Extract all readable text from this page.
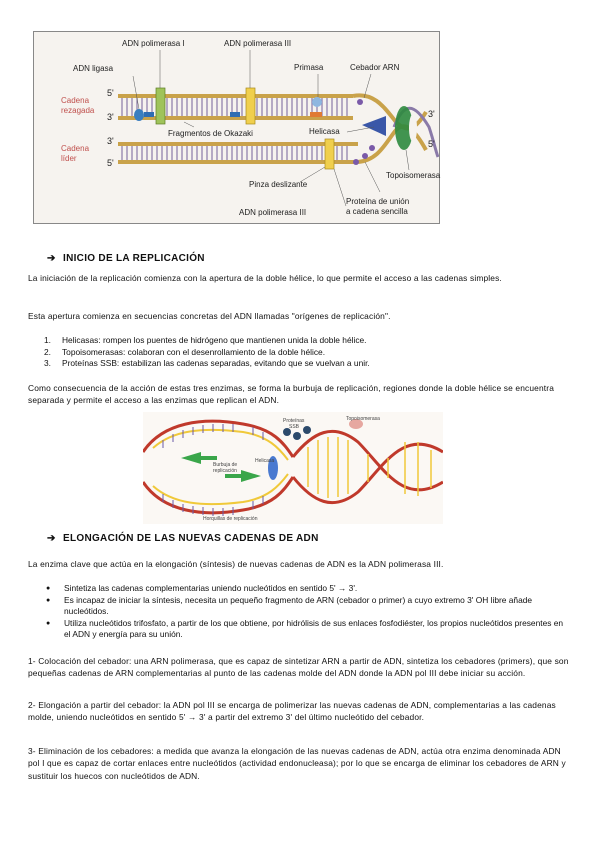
ADN polimerasa I	ADN polimerasa III
ADN ligasa	Primasa	Cebador ARN
Cadena
rezagada
5'
3'
Fragmentos de Okazaki	Helicasa
3'
5'
Cadena
líder
3'
5'
Topoisomerasa
Pinza deslizante
ADN polimerasa III
Proteína de unión
a cadena sencilla
➔ INICIO DE LA REPLICACIÓN
La iniciación de la replicación comienza con la apertura de la doble hélice, lo que permite el acceso a las cadenas simples.
Esta apertura comienza en secuencias concretas del ADN llamadas "orígenes de replicación".
1. Helicasas: rompen los puentes de hidrógeno que mantienen unida la doble hélice.
2. Topoisomerasas: colaboran con el desenrollamiento de la doble hélice.
3. Proteínas SSB: estabilizan las cadenas separadas, evitando que se vuelvan a unir.
Como consecuencia de la acción de estas tres enzimas, se forma la burbuja de replicación, regiones donde la doble hélice se encuentra separada y permite el acceso a las enzimas que replican el ADN.
Proteínas
SSB
Topoisomerasa
Burbuja de
replicación
Helicasa
Horquillas de replicación
➔ ELONGACIÓN DE LAS NUEVAS CADENAS DE ADN
La enzima clave que actúa en la elongación (síntesis) de nuevas cadenas de ADN es la ADN polimerasa III.
● Sintetiza las cadenas complementarias uniendo nucleótidos en sentido 5' → 3'.
● Es incapaz de iniciar la síntesis, necesita un pequeño fragmento de ARN (cebador o primer) a cuyo extremo 3' OH libre añade nucleótidos.
● Utiliza nucleótidos trifosfato, a partir de los que obtiene, por hidrólisis de sus enlaces fosfodiéster, los propios nucleótidos presentes en el ADN y energía para su unión.
1- Colocación del cebador: una ARN polimerasa, que es capaz de sintetizar ARN a partir de ADN, sintetiza los cebadores (primers), que son pequeñas cadenas de ARN complementarias al punto de las cadenas molde del ADN donde la ADN pol III debe iniciar su acción.
2- Elongación a partir del cebador: la ADN pol III se encarga de polimerizar las nuevas cadenas de ADN, complementarias a las cadenas molde, uniendo nucleótidos en sentido 5' → 3' a partir del extremo 3' del último nucleótido del cebador.
3- Eliminación de los cebadores: a medida que avanza la elongación de las nuevas cadenas de ADN, actúa otra enzima denominada ADN pol I que es capaz de cortar enlaces entre nucleótidos (actividad endonucleasa); por lo que se encarga de eliminar los cebadores de ARN y sustituir los huecos con nucleótidos de ADN.
